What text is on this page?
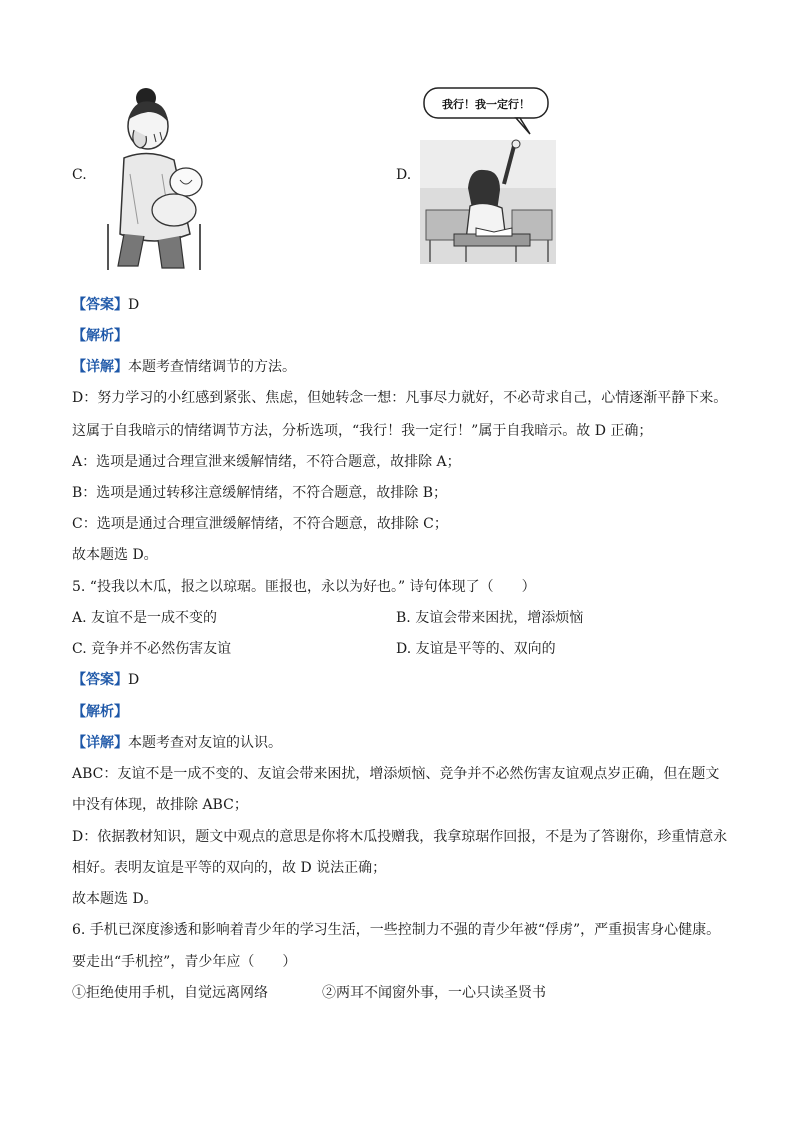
C.	D.
我行！我一定行！
【答案】D
【解析】
【详解】本题考查情绪调节的方法。
D：努力学习的小红感到紧张、焦虑，但她转念一想：凡事尽力就好，不必苛求自己，心情逐渐平静下来。
这属于自我暗示的情绪调节方法，分析选项，“我行！我一定行！”属于自我暗示。故 D 正确；
A：选项是通过合理宣泄来缓解情绪，不符合题意，故排除 A；
B：选项是通过转移注意缓解情绪，不符合题意，故排除 B；
C：选项是通过合理宣泄缓解情绪，不符合题意，故排除 C；
故本题选 D。
5. “投我以木瓜，报之以琼琚。匪报也，永以为好也。” 诗句体现了（　　）
A. 友谊不是一成不变的	B. 友谊会带来困扰，增添烦恼
C. 竞争并不必然伤害友谊	D. 友谊是平等的、双向的
【答案】D
【解析】
【详解】本题考查对友谊的认识。
ABC：友谊不是一成不变的、友谊会带来困扰，增添烦恼、竞争并不必然伤害友谊观点岁正确，但在题文
中没有体现，故排除 ABC；
D：依据教材知识，题文中观点的意思是你将木瓜投赠我，我拿琼琚作回报，不是为了答谢你，珍重情意永
相好。表明友谊是平等的双向的，故 D 说法正确；
故本题选 D。
6. 手机已深度渗透和影响着青少年的学习生活，一些控制力不强的青少年被“俘虏”，严重损害身心健康。
要走出“手机控”，青少年应（　　）
①拒绝使用手机，自觉远离网络	②两耳不闻窗外事，一心只读圣贤书
